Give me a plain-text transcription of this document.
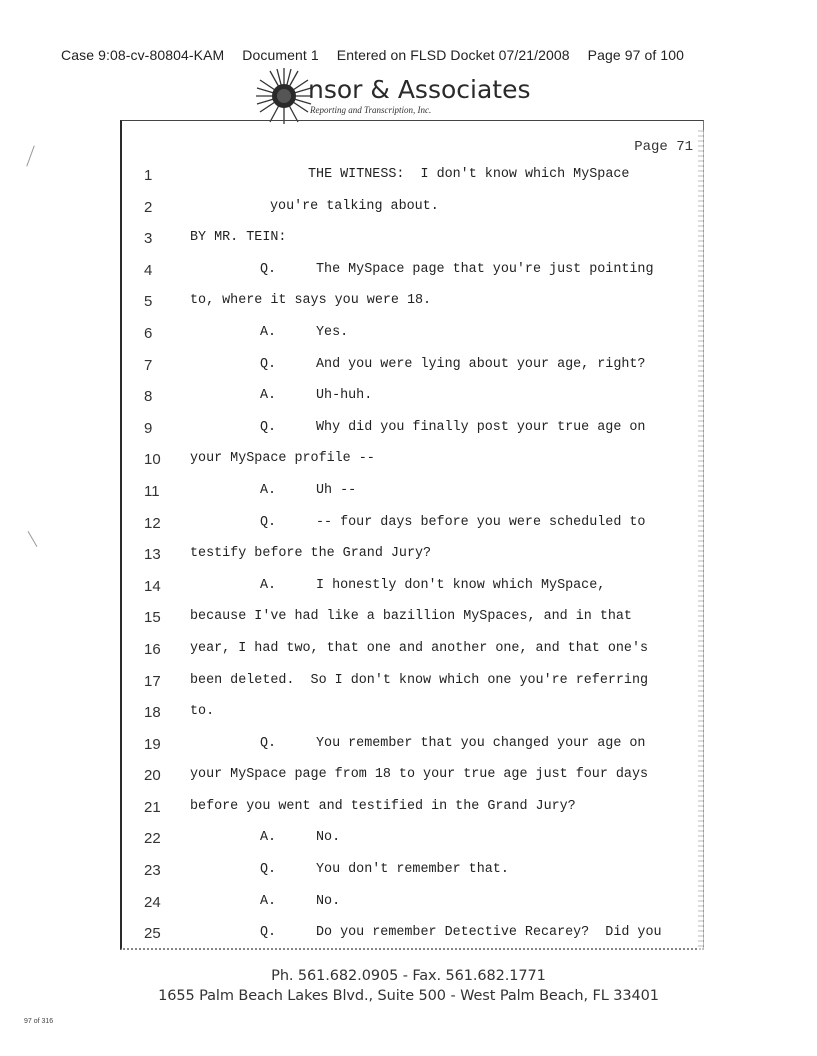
Case 9:08-cv-80804-KAM Document 1 Entered on FLSD Docket 07/21/2008 Page 97 of 100
nsor & Associates
Reporting and Transcription, Inc.
Page 71
1	THE WITNESS:  I don't know which MySpace
2	you're talking about.
3	BY MR. TEIN:
4	Q.	The MySpace page that you're just pointing
5	to, where it says you were 18.
6	A.	Yes.
7	Q.	And you were lying about your age, right?
8	A.	Uh-huh.
9	Q.	Why did you finally post your true age on
10 your MySpace profile --
11	A.	Uh --
12	Q.	-- four days before you were scheduled to
13 testify before the Grand Jury?
14	A.	I honestly don't know which MySpace,
15 because I've had like a bazillion MySpaces, and in that
16 year, I had two, that one and another one, and that one's
17 been deleted.  So I don't know which one you're referring
18 to.
19	Q.	You remember that you changed your age on
20 your MySpace page from 18 to your true age just four days
21 before you went and testified in the Grand Jury?
22	A.	No.
23	Q.	You don't remember that.
24	A.	No.
25	Q.	Do you remember Detective Recarey?  Did you
Ph. 561.682.0905 - Fax. 561.682.1771
1655 Palm Beach Lakes Blvd., Suite 500 - West Palm Beach, FL 33401
97 of 316
